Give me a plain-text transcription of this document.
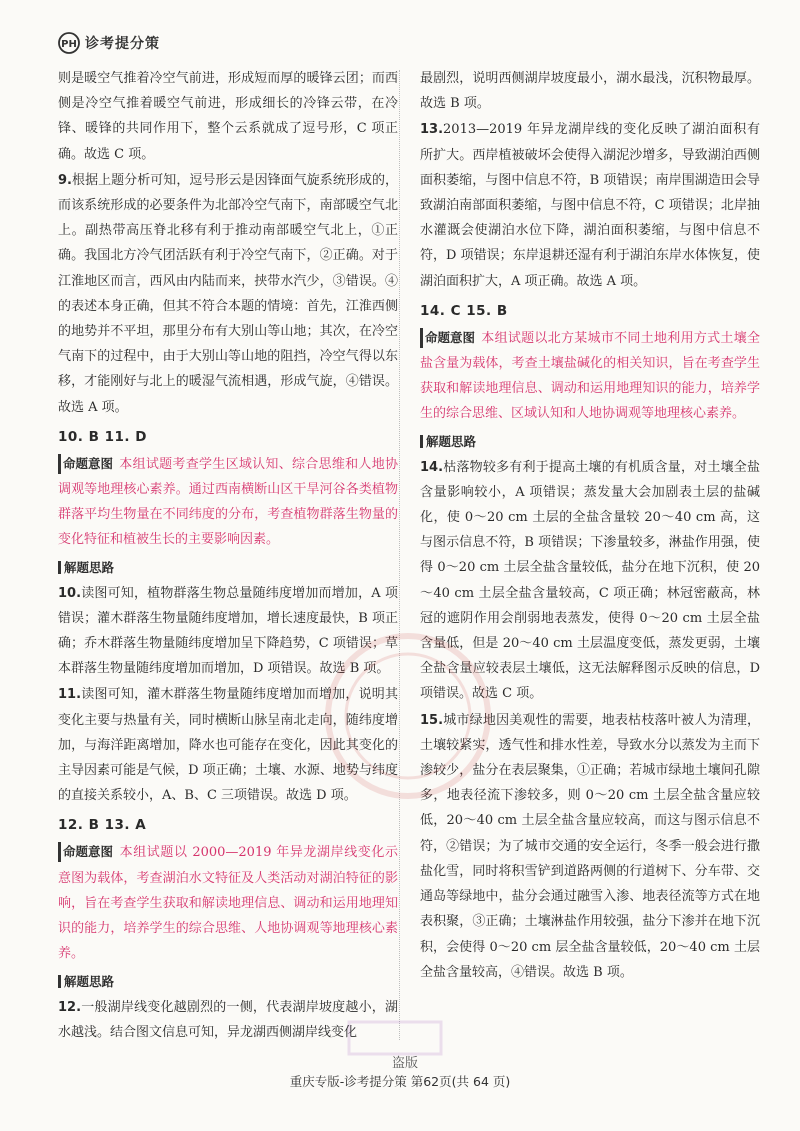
PH 诊考提分策

则是暖空气推着冷空气前进，形成短而厚的暖锋云团；而西侧是冷空气推着暖空气前进，形成细长的冷锋云带，在冷锋、暖锋的共同作用下，整个云系就成了逗号形，C 项正确。故选 C 项。

9.根据上题分析可知，逗号形云是因锋面气旋系统形成的，而该系统形成的必要条件为北部冷空气南下，南部暖空气北上。副热带高压脊北移有利于推动南部暖空气北上，①正确。我国北方冷气团活跃有利于冷空气南下，②正确。对于江淮地区而言，西风由内陆而来，挟带水汽少，③错误。④的表述本身正确，但其不符合本题的情境：首先，江淮西侧的地势并不平坦，那里分布有大别山等山地；其次，在冷空气南下的过程中，由于大别山等山地的阻挡，冷空气得以东移，才能刚好与北上的暖湿气流相遇，形成气旋，④错误。故选 A 项。

10. B 11. D

命题意图 本组试题考查学生区域认知、综合思维和人地协调观等地理核心素养。通过西南横断山区干旱河谷各类植物群落平均生物量在不同纬度的分布，考查植物群落生物量的变化特征和植被生长的主要影响因素。

解题思路

10.读图可知，植物群落生物总量随纬度增加而增加，A 项错误；灌木群落生物量随纬度增加，增长速度最快，B 项正确；乔木群落生物量随纬度增加呈下降趋势，C 项错误；草本群落生物量随纬度增加而增加，D 项错误。故选 B 项。

11.读图可知，灌木群落生物量随纬度增加而增加，说明其变化主要与热量有关，同时横断山脉呈南北走向，随纬度增加，与海洋距离增加，降水也可能存在变化，因此其变化的主导因素可能是气候，D 项正确；土壤、水源、地势与纬度的直接关系较小，A、B、C 三项错误。故选 D 项。

12. B 13. A

命题意图 本组试题以 2000—2019 年异龙湖岸线变化示意图为载体，考查湖泊水文特征及人类活动对湖泊特征的影响，旨在考查学生获取和解读地理信息、调动和运用地理知识的能力，培养学生的综合思维、人地协调观等地理核心素养。

解题思路

12.一般湖岸线变化越剧烈的一侧，代表湖岸坡度越小，湖水越浅。结合图文信息可知，异龙湖西侧湖岸线变化

最剧烈，说明西侧湖岸坡度最小，湖水最浅，沉积物最厚。故选 B 项。

13.2013—2019 年异龙湖岸线的变化反映了湖泊面积有所扩大。西岸植被破坏会使得入湖泥沙增多，导致湖泊西侧面积萎缩，与图中信息不符，B 项错误；南岸围湖造田会导致湖泊南部面积萎缩，与图中信息不符，C 项错误；北岸抽水灌溉会使湖泊水位下降，湖泊面积萎缩，与图中信息不符，D 项错误；东岸退耕还湿有利于湖泊东岸水体恢复，使湖泊面积扩大，A 项正确。故选 A 项。

14. C 15. B

命题意图 本组试题以北方某城市不同土地利用方式土壤全盐含量为载体，考查土壤盐碱化的相关知识，旨在考查学生获取和解读地理信息、调动和运用地理知识的能力，培养学生的综合思维、区域认知和人地协调观等地理核心素养。

解题思路

14.枯落物较多有利于提高土壤的有机质含量，对土壤全盐含量影响较小，A 项错误；蒸发量大会加剧表土层的盐碱化，使 0～20 cm 土层的全盐含量较 20～40 cm 高，这与图示信息不符，B 项错误；下渗量较多，淋盐作用强，使得 0～20 cm 土层全盐含量较低，盐分在地下沉积，使 20～40 cm 土层全盐含量较高，C 项正确；林冠密蔽高，林冠的遮阴作用会削弱地表蒸发，使得 0～20 cm 土层全盐含量低，但是 20～40 cm 土层温度变低，蒸发更弱，土壤全盐含量应较表层土壤低，这无法解释图示反映的信息，D 项错误。故选 C 项。

15.城市绿地因美观性的需要，地表枯枝落叶被人为清理，土壤较紧实，透气性和排水性差，导致水分以蒸发为主而下渗较少，盐分在表层聚集，①正确；若城市绿地土壤间孔隙多，地表径流下渗较多，则 0～20 cm 土层全盐含量应较低，20～40 cm 土层全盐含量应较高，而这与图示信息不符，②错误；为了城市交通的安全运行，冬季一般会进行撒盐化雪，同时将积雪铲到道路两侧的行道树下、分车带、交通岛等绿地中，盐分会通过融雪入渗、地表径流等方式在地表积聚，③正确；土壤淋盐作用较强，盐分下渗并在地下沉积，会使得 0～20 cm 层全盐含量较低，20～40 cm 土层全盐含量较高，④错误。故选 B 项。

盗版
重庆专版-诊考提分策 第62页(共 64 页)
